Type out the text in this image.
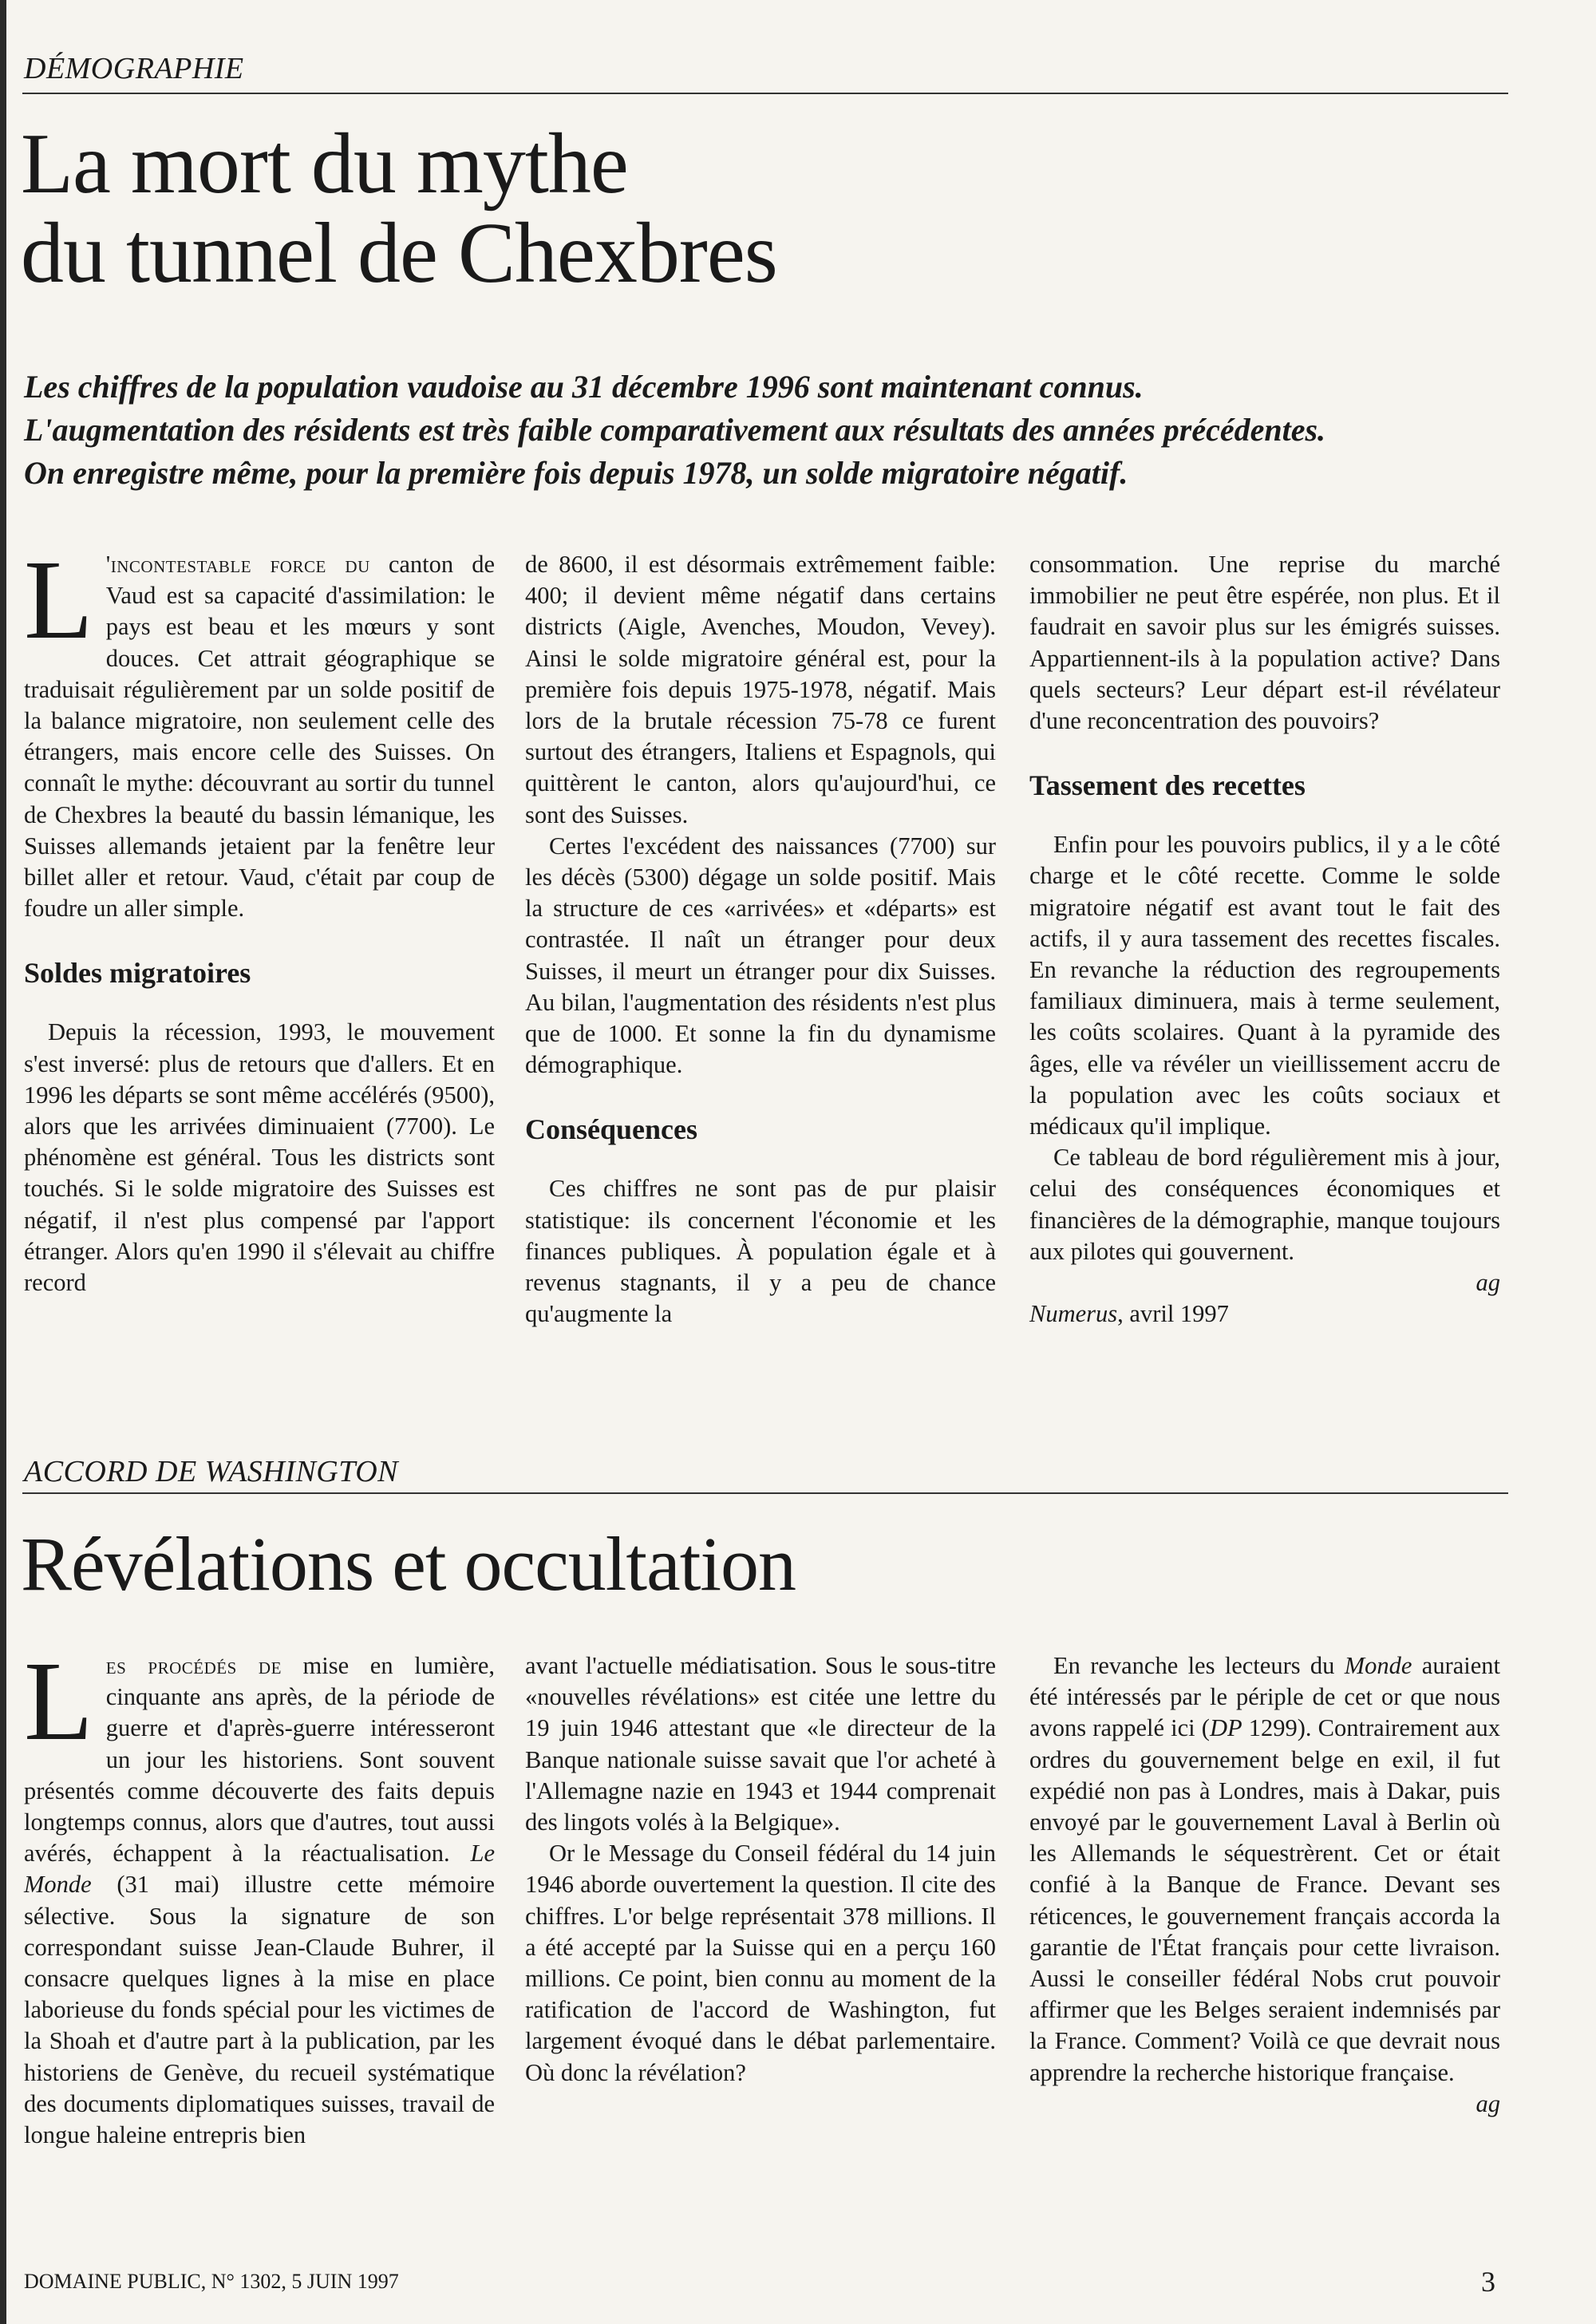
DÉMOGRAPHIE
La mort du mythe
du tunnel de Chexbres

Les chiffres de la population vaudoise au 31 décembre 1996 sont maintenant connus. L'augmentation des résidents est très faible comparativement aux résultats des années précédentes. On enregistre même, pour la première fois depuis 1978, un solde migratoire négatif.

L 'incontestable force du canton de Vaud est sa capacité d'assimilation: le pays est beau et les mœurs y sont douces. Cet attrait géographique se traduisait régulièrement par un solde positif de la balance migratoire, non seulement celle des étrangers, mais encore celle des Suisses. On connaît le mythe: découvrant au sortir du tunnel de Chexbres la beauté du bassin lémanique, les Suisses allemands jetaient par la fenêtre leur billet aller et retour. Vaud, c'était par coup de foudre un aller simple.

Soldes migratoires

Depuis la récession, 1993, le mouvement s'est inversé: plus de retours que d'allers. Et en 1996 les départs se sont même accélérés (9500), alors que les arrivées diminuaient (7700). Le phénomène est général. Tous les districts sont touchés. Si le solde migratoire des Suisses est négatif, il n'est plus compensé par l'apport étranger. Alors qu'en 1990 il s'élevait au chiffre record

de 8600, il est désormais extrêmement faible: 400; il devient même négatif dans certains districts (Aigle, Avenches, Moudon, Vevey). Ainsi le solde migratoire général est, pour la première fois depuis 1975-1978, négatif. Mais lors de la brutale récession 75-78 ce furent surtout des étrangers, Italiens et Espagnols, qui quittèrent le canton, alors qu'aujourd'hui, ce sont des Suisses.

Certes l'excédent des naissances (7700) sur les décès (5300) dégage un solde positif. Mais la structure de ces «arrivées» et «départs» est contrastée. Il naît un étranger pour deux Suisses, il meurt un étranger pour dix Suisses. Au bilan, l'augmentation des résidents n'est plus que de 1000. Et sonne la fin du dynamisme démographique.

Conséquences

Ces chiffres ne sont pas de pur plaisir statistique: ils concernent l'économie et les finances publiques. À population égale et à revenus stagnants, il y a peu de chance qu'augmente la

consommation. Une reprise du marché immobilier ne peut être espérée, non plus. Et il faudrait en savoir plus sur les émigrés suisses. Appartiennent-ils à la population active? Dans quels secteurs? Leur départ est-il révélateur d'une reconcentration des pouvoirs?

Tassement des recettes

Enfin pour les pouvoirs publics, il y a le côté charge et le côté recette. Comme le solde migratoire négatif est avant tout le fait des actifs, il y aura tassement des recettes fiscales. En revanche la réduction des regroupements familiaux diminuera, mais à terme seulement, les coûts scolaires. Quant à la pyramide des âges, elle va révéler un vieillissement accru de la population avec les coûts sociaux et médicaux qu'il implique.

Ce tableau de bord régulièrement mis à jour, celui des conséquences économiques et financières de la démographie, manque toujours aux pilotes qui gouvernent.

ag

Numerus, avril 1997

ACCORD DE WASHINGTON
Révélations et occultation

Les procédés de mise en lumière, cinquante ans après, de la période de guerre et d'après-guerre intéresseront un jour les historiens. Sont souvent présentés comme découverte des faits depuis longtemps connus, alors que d'autres, tout aussi avérés, échappent à la réactualisation. Le Monde (31 mai) illustre cette mémoire sélective. Sous la signature de son correspondant suisse Jean-Claude Buhrer, il consacre quelques lignes à la mise en place laborieuse du fonds spécial pour les victimes de la Shoah et d'autre part à la publication, par les historiens de Genève, du recueil systématique des documents diplomatiques suisses, travail de longue haleine entrepris bien

avant l'actuelle médiatisation. Sous le sous-titre «nouvelles révélations» est citée une lettre du 19 juin 1946 attestant que «le directeur de la Banque nationale suisse savait que l'or acheté à l'Allemagne nazie en 1943 et 1944 comprenait des lingots volés à la Belgique».

Or le Message du Conseil fédéral du 14 juin 1946 aborde ouvertement la question. Il cite des chiffres. L'or belge représentait 378 millions. Il a été accepté par la Suisse qui en a perçu 160 millions. Ce point, bien connu au moment de la ratification de l'accord de Washington, fut largement évoqué dans le débat parlementaire. Où donc la révélation?

En revanche les lecteurs du Monde auraient été intéressés par le périple de cet or que nous avons rappelé ici (DP 1299). Contrairement aux ordres du gouvernement belge en exil, il fut expédié non pas à Londres, mais à Dakar, puis envoyé par le gouvernement Laval à Berlin où les Allemands le séquestrèrent. Cet or était confié à la Banque de France. Devant ses réticences, le gouvernement français accorda la garantie de l'État français pour cette livraison. Aussi le conseiller fédéral Nobs crut pouvoir affirmer que les Belges seraient indemnisés par la France. Comment? Voilà ce que devrait nous apprendre la recherche historique française.

ag

DOMAINE PUBLIC, N° 1302, 5 JUIN 1997	3
